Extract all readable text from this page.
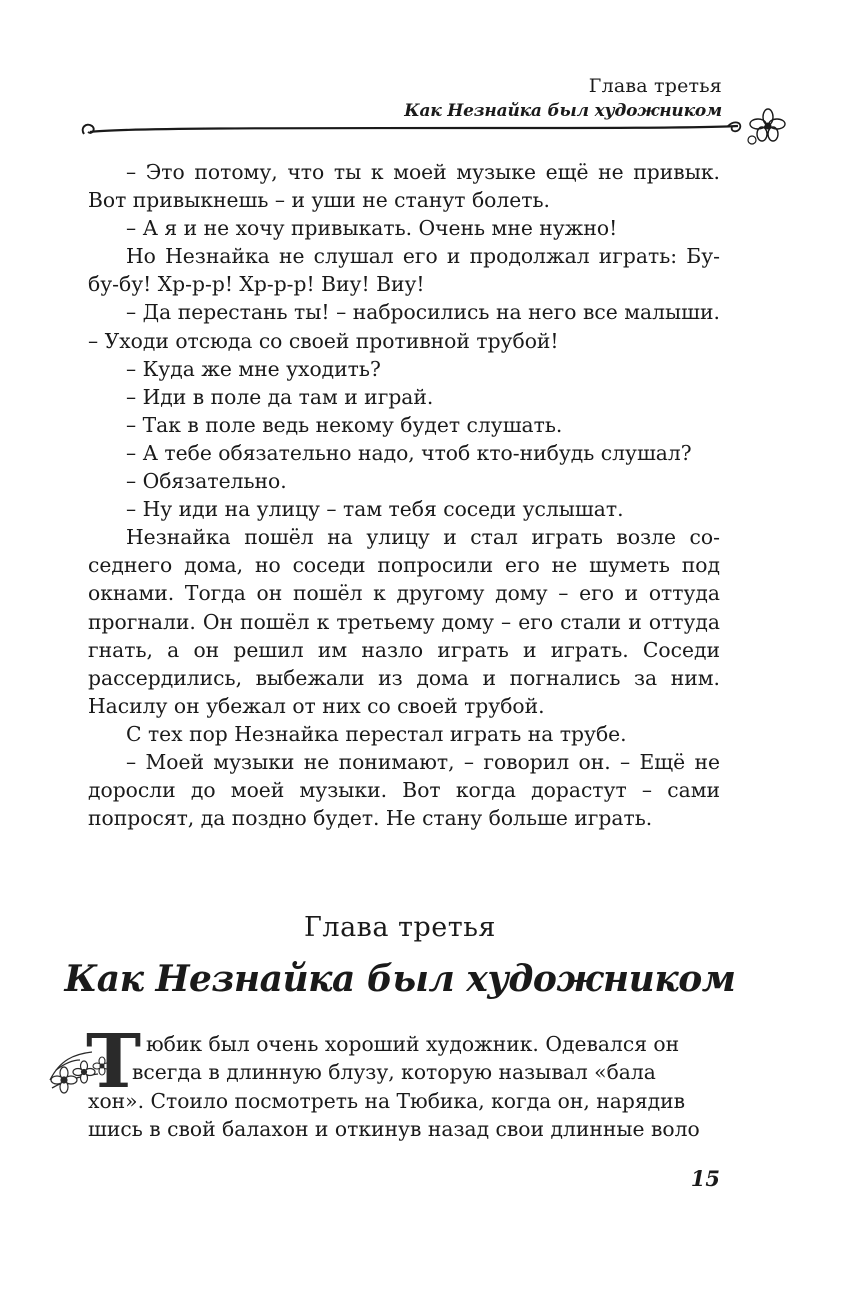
Глава третья
Как Незнайка был художником

– Это потому, что ты к моей музыке ещё не привык. Вот привыкнешь – и уши не станут болеть.

– А я и не хочу привыкать. Очень мне нужно!

Но Незнайка не слушал его и продолжал играть: Бу-бу-бу! Хр-р-р! Хр-р-р! Виу! Виу!

– Да перестань ты! – набросились на него все малыши. – Уходи отсюда со своей противной трубой!

– Куда же мне уходить?

– Иди в поле да там и играй.

– Так в поле ведь некому будет слушать.

– А тебе обязательно надо, чтоб кто-нибудь слушал?

– Обязательно.

– Ну иди на улицу – там тебя соседи услышат.

Незнайка пошёл на улицу и стал играть возле соседнего дома, но соседи попросили его не шуметь под окнами. Тогда он пошёл к другому дому – его и оттуда прогнали. Он пошёл к третьему дому – его стали и оттуда гнать, а он решил им назло играть и играть. Соседи рассердились, выбежали из дома и погнались за ним. Насилу он убежал от них со своей трубой.

С тех пор Незнайка перестал играть на трубе.

– Моей музыки не понимают, – говорил он. – Ещё не доросли до моей музыки. Вот когда дорастут – сами попросят, да поздно будет. Не стану больше играть.

Глава третья
Как Незнайка был художником
Т юбик был очень хороший художник. Одевался он
всегда в длинную блузу, которую называл «бала
хон». Стоило посмотреть на Тюбика, когда он, нарядив
шись в свой балахон и откинув назад свои длинные воло
15
